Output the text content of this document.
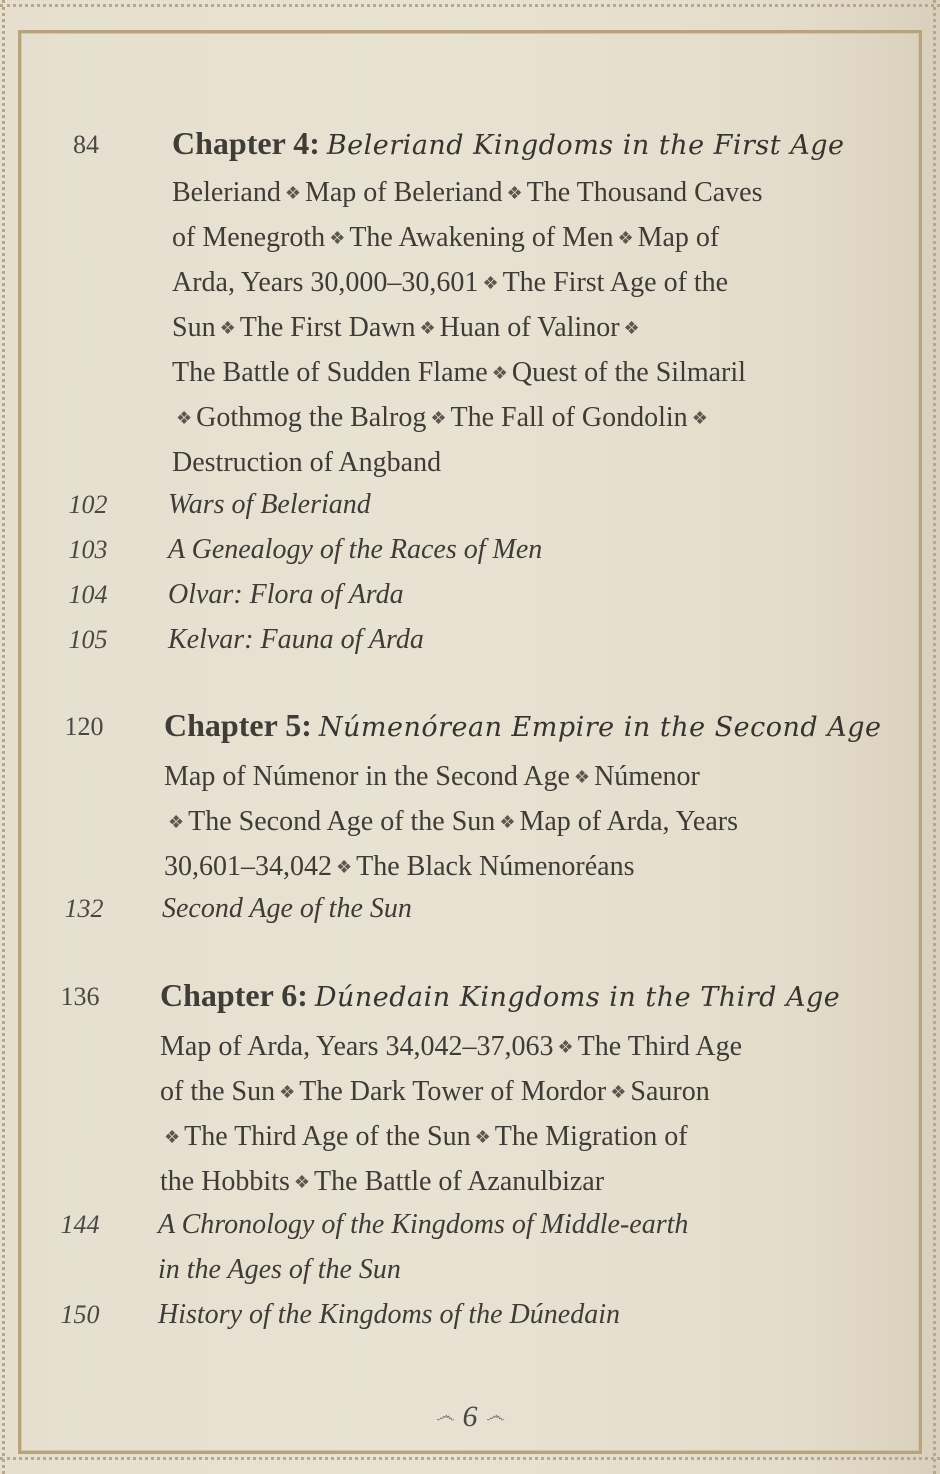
84	Chapter 4: Beleriand Kingdoms in the First Age
Beleriand ❖ Map of Beleriand ❖ The Thousand Caves
of Menegroth ❖ The Awakening of Men ❖ Map of
Arda, Years 30,000–30,601 ❖ The First Age of the
Sun ❖ The First Dawn ❖ Huan of Valinor ❖
The Battle of Sudden Flame ❖ Quest of the Silmaril
❖ Gothmog the Balrog ❖ The Fall of Gondolin ❖
Destruction of Angband
102	Wars of Beleriand
103	A Genealogy of the Races of Men
104	Olvar: Flora of Arda
105	Kelvar: Fauna of Arda
120	Chapter 5: Númenórean Empire in the Second Age
Map of Númenor in the Second Age ❖ Númenor
❖ The Second Age of the Sun ❖ Map of Arda, Years
30,601–34,042 ❖ The Black Númenoréans
132	Second Age of the Sun
136	Chapter 6: Dúnedain Kingdoms in the Third Age
Map of Arda, Years 34,042–37,063 ❖ The Third Age
of the Sun ❖ The Dark Tower of Mordor ❖ Sauron
❖ The Third Age of the Sun ❖ The Migration of
the Hobbits ❖ The Battle of Azanulbizar
144	A Chronology of the Kingdoms of Middle-earth
in the Ages of the Sun
150	History of the Kingdoms of the Dúnedain
෴ 6 ෴
